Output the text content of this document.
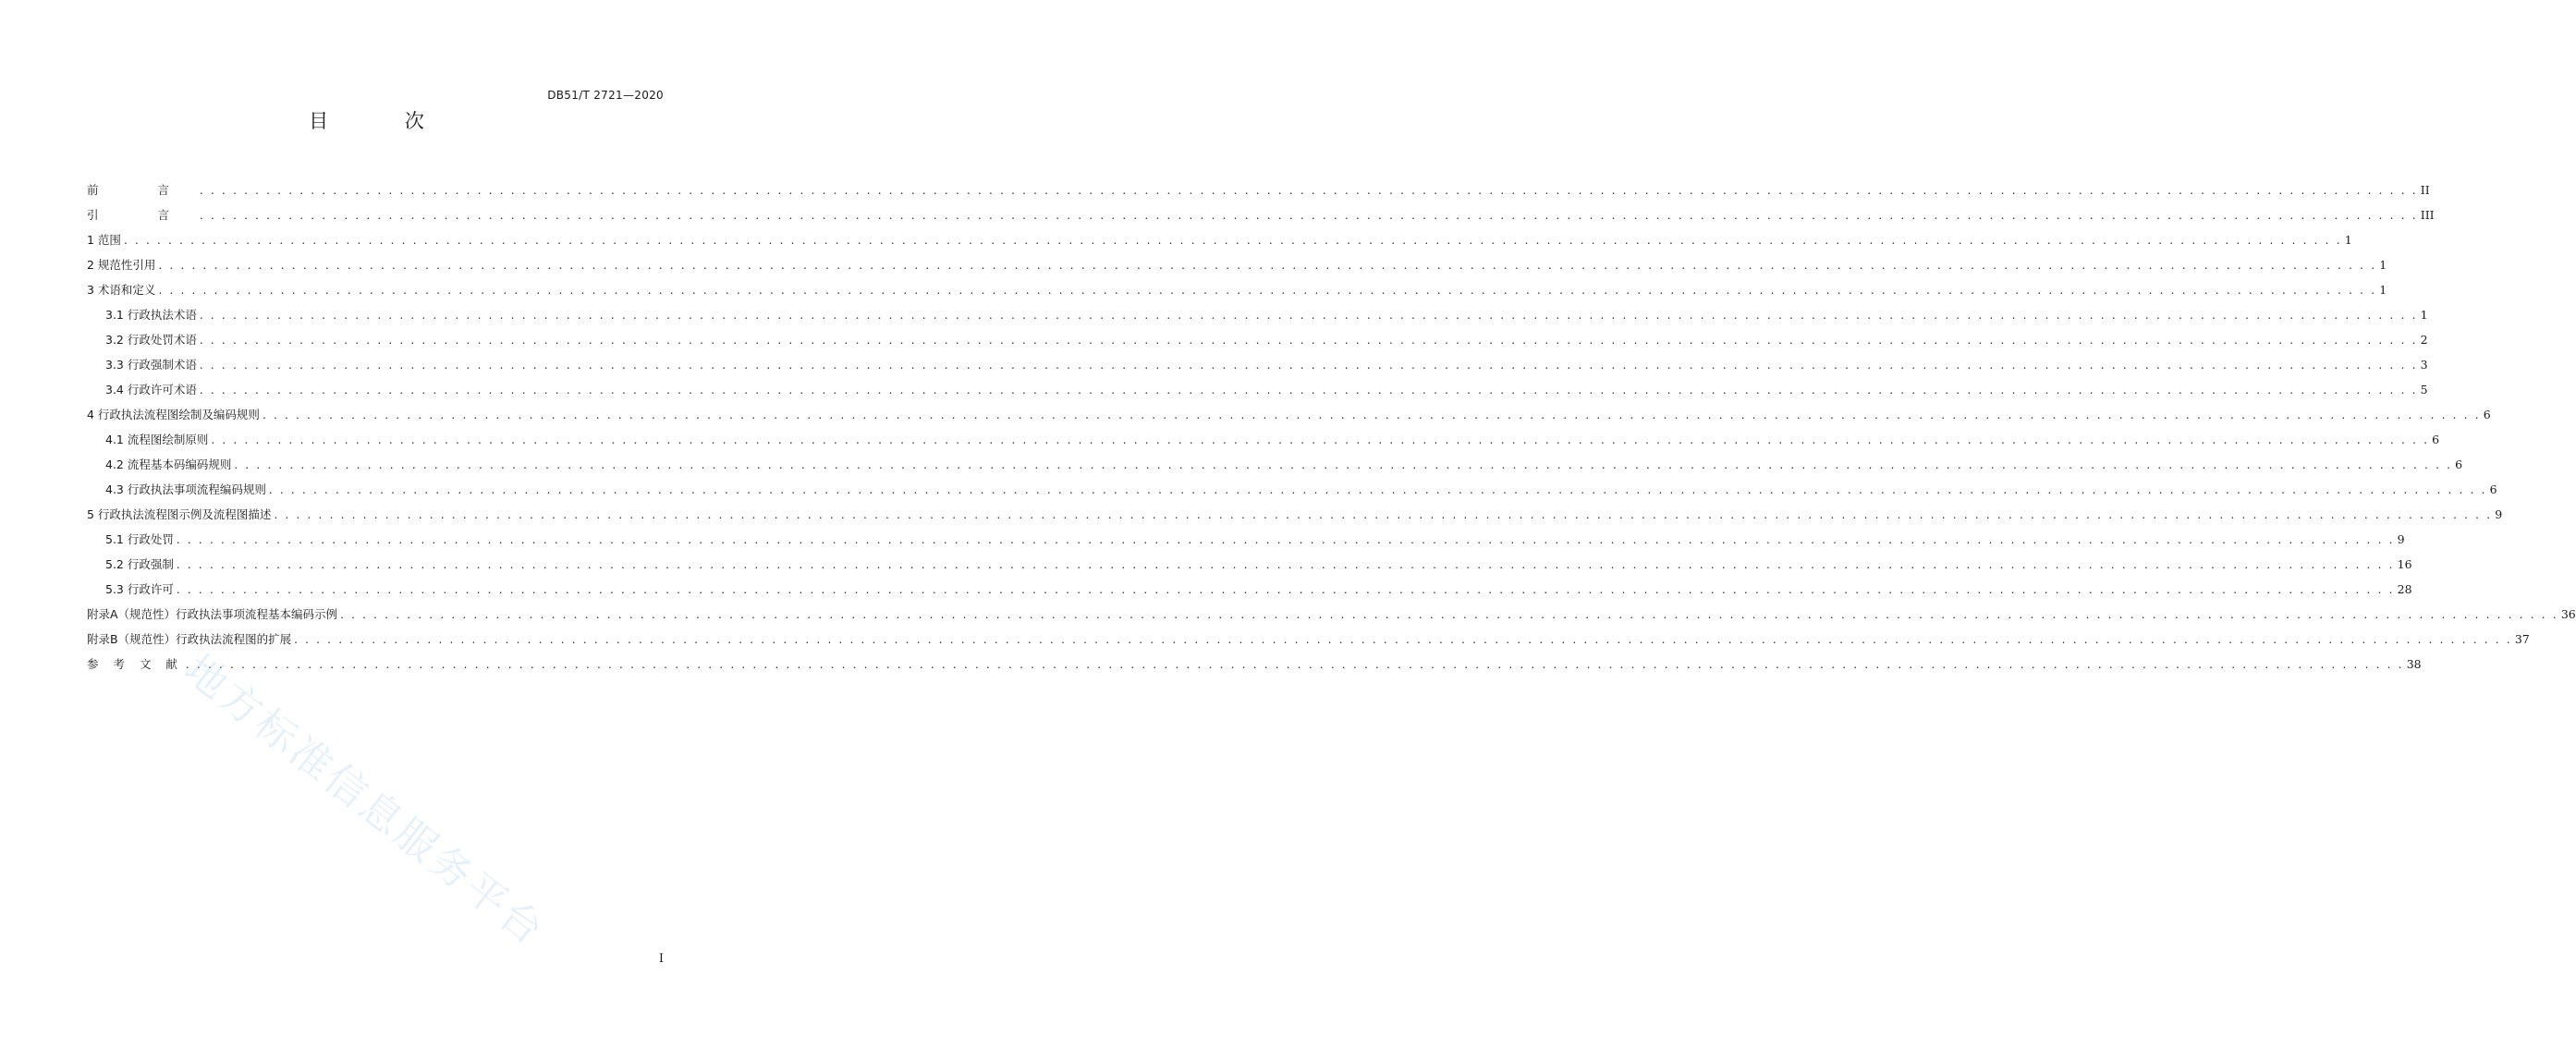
DB51/T 2721—2020
目 次
前 言 . . . . . . . . . . . . . . . . . . . . . . . . . . . . . . . . . . . . . . . . . . . . . . . . . . . . . . . . . . . . . . . . . . . . . . . . . . . . . . . . . . . . . . . . . . . . . . . . . . . . . . . . . . . . . . . . . . . . . . . . . . . . . . . . . . . . . . . . . . . . . . . . . . . . . . . . . . . . . . . . . . . . . . . . . . . . . . . . . . . . . . . . . . . . . . . . . . . . . . . . II
引 言 . . . . . . . . . . . . . . . . . . . . . . . . . . . . . . . . . . . . . . . . . . . . . . . . . . . . . . . . . . . . . . . . . . . . . . . . . . . . . . . . . . . . . . . . . . . . . . . . . . . . . . . . . . . . . . . . . . . . . . . . . . . . . . . . . . . . . . . . . . . . . . . . . . . . . . . . . . . . . . . . . . . . . . . . . . . . . . . . . . . . . . . . . . . . . . . . . . . . . . . . III
1 范围 . . . . . . . . . . . . . . . . . . . . . . . . . . . . . . . . . . . . . . . . . . . . . . . . . . . . . . . . . . . . . . . . . . . . . . . . . . . . . . . . . . . . . . . . . . . . . . . . . . . . . . . . . . . . . . . . . . . . . . . . . . . . . . . . . . . . . . . . . . . . . . . . . . . . . . . . . . . . . . . . . . . . . . . . . . . . . . . . . . . . . . . . . . . . . . . . . . . . . . . . 1
2 规范性引用 . . . . . . . . . . . . . . . . . . . . . . . . . . . . . . . . . . . . . . . . . . . . . . . . . . . . . . . . . . . . . . . . . . . . . . . . . . . . . . . . . . . . . . . . . . . . . . . . . . . . . . . . . . . . . . . . . . . . . . . . . . . . . . . . . . . . . . . . . . . . . . . . . . . . . . . . . . . . . . . . . . . . . . . . . . . . . . . . . . . . . . . . . . . . . . . . . . . . . . . . 1
3 术语和定义 . . . . . . . . . . . . . . . . . . . . . . . . . . . . . . . . . . . . . . . . . . . . . . . . . . . . . . . . . . . . . . . . . . . . . . . . . . . . . . . . . . . . . . . . . . . . . . . . . . . . . . . . . . . . . . . . . . . . . . . . . . . . . . . . . . . . . . . . . . . . . . . . . . . . . . . . . . . . . . . . . . . . . . . . . . . . . . . . . . . . . . . . . . . . . . . . . . . . . . . . 1
3.1 行政执法术语 . . . . . . . . . . . . . . . . . . . . . . . . . . . . . . . . . . . . . . . . . . . . . . . . . . . . . . . . . . . . . . . . . . . . . . . . . . . . . . . . . . . . . . . . . . . . . . . . . . . . . . . . . . . . . . . . . . . . . . . . . . . . . . . . . . . . . . . . . . . . . . . . . . . . . . . . . . . . . . . . . . . . . . . . . . . . . . . . . . . . . . . . . . . . . . . . . . . . . . . . 1
3.2 行政处罚术语 . . . . . . . . . . . . . . . . . . . . . . . . . . . . . . . . . . . . . . . . . . . . . . . . . . . . . . . . . . . . . . . . . . . . . . . . . . . . . . . . . . . . . . . . . . . . . . . . . . . . . . . . . . . . . . . . . . . . . . . . . . . . . . . . . . . . . . . . . . . . . . . . . . . . . . . . . . . . . . . . . . . . . . . . . . . . . . . . . . . . . . . . . . . . . . . . . . . . . . . . 2
3.3 行政强制术语 . . . . . . . . . . . . . . . . . . . . . . . . . . . . . . . . . . . . . . . . . . . . . . . . . . . . . . . . . . . . . . . . . . . . . . . . . . . . . . . . . . . . . . . . . . . . . . . . . . . . . . . . . . . . . . . . . . . . . . . . . . . . . . . . . . . . . . . . . . . . . . . . . . . . . . . . . . . . . . . . . . . . . . . . . . . . . . . . . . . . . . . . . . . . . . . . . . . . . . . . 3
3.4 行政许可术语 . . . . . . . . . . . . . . . . . . . . . . . . . . . . . . . . . . . . . . . . . . . . . . . . . . . . . . . . . . . . . . . . . . . . . . . . . . . . . . . . . . . . . . . . . . . . . . . . . . . . . . . . . . . . . . . . . . . . . . . . . . . . . . . . . . . . . . . . . . . . . . . . . . . . . . . . . . . . . . . . . . . . . . . . . . . . . . . . . . . . . . . . . . . . . . . . . . . . . . . . 5
4 行政执法流程图绘制及编码规则 . . . . . . . . . . . . . . . . . . . . . . . . . . . . . . . . . . . . . . . . . . . . . . . . . . . . . . . . . . . . . . . . . . . . . . . . . . . . . . . . . . . . . . . . . . . . . . . . . . . . . . . . . . . . . . . . . . . . . . . . . . . . . . . . . . . . . . . . . . . . . . . . . . . . . . . . . . . . . . . . . . . . . . . . . . . . . . . . . . . . . . . . . . . . . . . . . . . . . . . . 6
4.1 流程图绘制原则 . . . . . . . . . . . . . . . . . . . . . . . . . . . . . . . . . . . . . . . . . . . . . . . . . . . . . . . . . . . . . . . . . . . . . . . . . . . . . . . . . . . . . . . . . . . . . . . . . . . . . . . . . . . . . . . . . . . . . . . . . . . . . . . . . . . . . . . . . . . . . . . . . . . . . . . . . . . . . . . . . . . . . . . . . . . . . . . . . . . . . . . . . . . . . . . . . . . . . . . . 6
4.2 流程基本码编码规则 . . . . . . . . . . . . . . . . . . . . . . . . . . . . . . . . . . . . . . . . . . . . . . . . . . . . . . . . . . . . . . . . . . . . . . . . . . . . . . . . . . . . . . . . . . . . . . . . . . . . . . . . . . . . . . . . . . . . . . . . . . . . . . . . . . . . . . . . . . . . . . . . . . . . . . . . . . . . . . . . . . . . . . . . . . . . . . . . . . . . . . . . . . . . . . . . . . . . . . . . 6
4.3 行政执法事项流程编码规则 . . . . . . . . . . . . . . . . . . . . . . . . . . . . . . . . . . . . . . . . . . . . . . . . . . . . . . . . . . . . . . . . . . . . . . . . . . . . . . . . . . . . . . . . . . . . . . . . . . . . . . . . . . . . . . . . . . . . . . . . . . . . . . . . . . . . . . . . . . . . . . . . . . . . . . . . . . . . . . . . . . . . . . . . . . . . . . . . . . . . . . . . . . . . . . . . . . . . . . . . 6
5 行政执法流程图示例及流程图描述 . . . . . . . . . . . . . . . . . . . . . . . . . . . . . . . . . . . . . . . . . . . . . . . . . . . . . . . . . . . . . . . . . . . . . . . . . . . . . . . . . . . . . . . . . . . . . . . . . . . . . . . . . . . . . . . . . . . . . . . . . . . . . . . . . . . . . . . . . . . . . . . . . . . . . . . . . . . . . . . . . . . . . . . . . . . . . . . . . . . . . . . . . . . . . . . . . . . . . . . . 9
5.1 行政处罚 . . . . . . . . . . . . . . . . . . . . . . . . . . . . . . . . . . . . . . . . . . . . . . . . . . . . . . . . . . . . . . . . . . . . . . . . . . . . . . . . . . . . . . . . . . . . . . . . . . . . . . . . . . . . . . . . . . . . . . . . . . . . . . . . . . . . . . . . . . . . . . . . . . . . . . . . . . . . . . . . . . . . . . . . . . . . . . . . . . . . . . . . . . . . . . . . . . . . . . . . 9
5.2 行政强制 . . . . . . . . . . . . . . . . . . . . . . . . . . . . . . . . . . . . . . . . . . . . . . . . . . . . . . . . . . . . . . . . . . . . . . . . . . . . . . . . . . . . . . . . . . . . . . . . . . . . . . . . . . . . . . . . . . . . . . . . . . . . . . . . . . . . . . . . . . . . . . . . . . . . . . . . . . . . . . . . . . . . . . . . . . . . . . . . . . . . . . . . . . . . . . . . . . . . . . . . 16
5.3 行政许可 . . . . . . . . . . . . . . . . . . . . . . . . . . . . . . . . . . . . . . . . . . . . . . . . . . . . . . . . . . . . . . . . . . . . . . . . . . . . . . . . . . . . . . . . . . . . . . . . . . . . . . . . . . . . . . . . . . . . . . . . . . . . . . . . . . . . . . . . . . . . . . . . . . . . . . . . . . . . . . . . . . . . . . . . . . . . . . . . . . . . . . . . . . . . . . . . . . . . . . . . 28
附录A（规范性）行政执法事项流程基本编码示例 . . . . . . . . . . . . . . . . . . . . . . . . . . . . . . . . . . . . . . . . . . . . . . . . . . . . . . . . . . . . . . . . . . . . . . . . . . . . . . . . . . . . . . . . . . . . . . . . . . . . . . . . . . . . . . . . . . . . . . . . . . . . . . . . . . . . . . . . . . . . . . . . . . . . . . . . . . . . . . . . . . . . . . . . . . . . . . . . . . . . . . . . . . . . . . . . . . . . . . . . 36
附录B（规范性）行政执法流程图的扩展 . . . . . . . . . . . . . . . . . . . . . . . . . . . . . . . . . . . . . . . . . . . . . . . . . . . . . . . . . . . . . . . . . . . . . . . . . . . . . . . . . . . . . . . . . . . . . . . . . . . . . . . . . . . . . . . . . . . . . . . . . . . . . . . . . . . . . . . . . . . . . . . . . . . . . . . . . . . . . . . . . . . . . . . . . . . . . . . . . . . . . . . . . . . . . . . . . . . . . . . . 37
参 考 文 献 . . . . . . . . . . . . . . . . . . . . . . . . . . . . . . . . . . . . . . . . . . . . . . . . . . . . . . . . . . . . . . . . . . . . . . . . . . . . . . . . . . . . . . . . . . . . . . . . . . . . . . . . . . . . . . . . . . . . . . . . . . . . . . . . . . . . . . . . . . . . . . . . . . . . . . . . . . . . . . . . . . . . . . . . . . . . . . . . . . . . . . . . . . . . . . . . . . . . . . . . 38
地方标准信息服务平台
I
